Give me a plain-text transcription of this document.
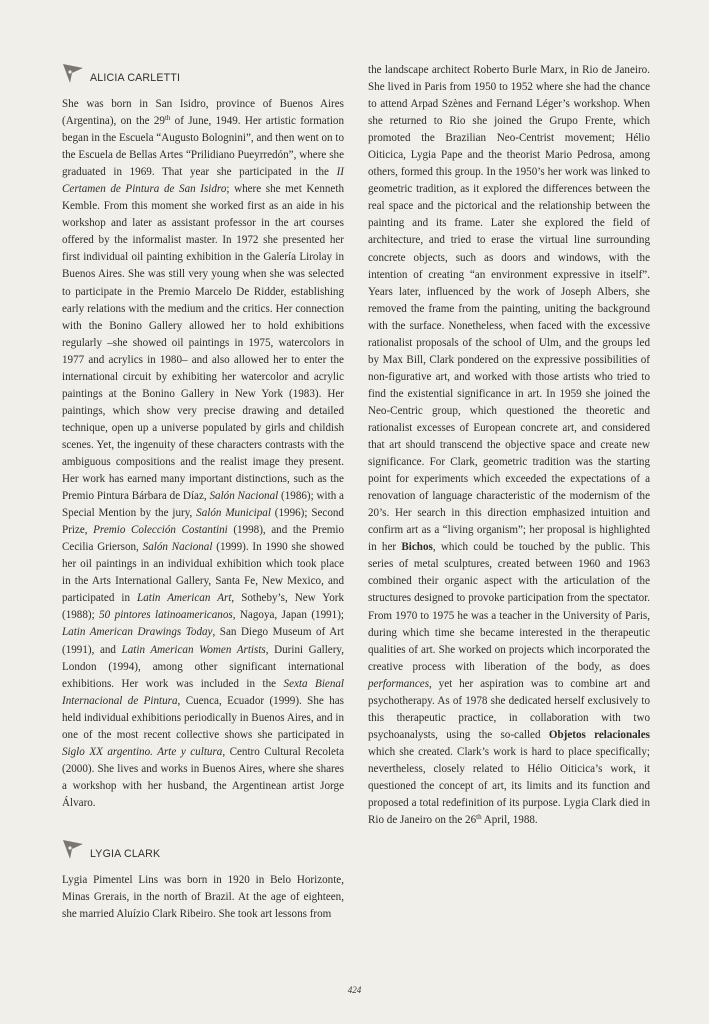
ALICIA CARLETTI

She was born in San Isidro, province of Buenos Aires (Argentina), on the 29th of June, 1949. Her artistic formation began in the Escuela “Augusto Bolognini”, and then went on to the Escuela de Bellas Artes “Prilidiano Pueyrredón”, where she graduated in 1969. That year she participated in the II Certamen de Pintura de San Isidro; where she met Kenneth Kemble. From this moment she worked first as an aide in his workshop and later as assistant professor in the art courses offered by the informalist master. In 1972 she presented her first individual oil painting exhibition in the Galería Lirolay in Buenos Aires. She was still very young when she was selected to participate in the Premio Marcelo De Ridder, establishing early relations with the medium and the critics. Her connection with the Bonino Gallery allowed her to hold exhibitions regularly –she showed oil paintings in 1975, watercolors in 1977 and acrylics in 1980– and also allowed her to enter the international circuit by exhibiting her watercolor and acrylic paintings at the Bonino Gallery in New York (1983). Her paintings, which show very precise drawing and detailed technique, open up a universe populated by girls and childish scenes. Yet, the ingenuity of these characters contrasts with the ambiguous compositions and the realist image they present. Her work has earned many important distinctions, such as the Premio Pintura Bárbara de Díaz, Salón Nacional (1986); with a Special Mention by the jury, Salón Municipal (1996); Second Prize, Premio Colección Costantini (1998), and the Premio Cecilia Grierson, Salón Nacional (1999). In 1990 she showed her oil paintings in an individual exhibition which took place in the Arts International Gallery, Santa Fe, New Mexico, and participated in Latin American Art, Sotheby’s, New York (1988); 50 pintores latinoamericanos, Nagoya, Japan (1991); Latin American Drawings Today, San Diego Museum of Art (1991), and Latin American Women Artists, Durini Gallery, London (1994), among other significant international exhibitions. Her work was included in the Sexta Bienal Internacional de Pintura, Cuenca, Ecuador (1999). She has held individual exhibitions periodically in Buenos Aires, and in one of the most recent collective shows she participated in Siglo XX argentino. Arte y cultura, Centro Cultural Recoleta (2000). She lives and works in Buenos Aires, where she shares a workshop with her husband, the Argentinean artist Jorge Álvaro.

LYGIA CLARK

Lygia Pimentel Lins was born in 1920 in Belo Horizonte, Minas Grerais, in the north of Brazil. At the age of eighteen, she married Aluízio Clark Ribeiro. She took art lessons from

the landscape architect Roberto Burle Marx, in Rio de Janeiro. She lived in Paris from 1950 to 1952 where she had the chance to attend Arpad Szènes and Fernand Léger’s workshop. When she returned to Rio she joined the Grupo Frente, which promoted the Brazilian Neo-Centrist movement; Hélio Oiticica, Lygia Pape and the theorist Mario Pedrosa, among others, formed this group. In the 1950’s her work was linked to geometric tradition, as it explored the differences between the real space and the pictorical and the relationship between the painting and its frame. Later she explored the field of architecture, and tried to erase the virtual line surrounding concrete objects, such as doors and windows, with the intention of creating “an environment expressive in itself”. Years later, influenced by the work of Joseph Albers, she removed the frame from the painting, uniting the background with the surface. Nonetheless, when faced with the excessive rationalist proposals of the school of Ulm, and the groups led by Max Bill, Clark pondered on the expressive possibilities of non-figurative art, and worked with those artists who tried to find the existential significance in art. In 1959 she joined the Neo-Centric group, which questioned the theoretic and rationalist excesses of European concrete art, and considered that art should transcend the objective space and create new significance. For Clark, geometric tradition was the starting point for experiments which exceeded the expectations of a renovation of language characteristic of the modernism of the 20’s. Her search in this direction emphasized intuition and confirm art as a “living organism”; her proposal is highlighted in her Bichos, which could be touched by the public. This series of metal sculptures, created between 1960 and 1963 combined their organic aspect with the articulation of the structures designed to provoke participation from the spectator. From 1970 to 1975 he was a teacher in the University of Paris, during which time she became interested in the therapeutic qualities of art. She worked on projects which incorporated the creative process with liberation of the body, as does performances, yet her aspiration was to combine art and psychotherapy. As of 1978 she dedicated herself exclusively to this therapeutic practice, in collaboration with two psychoanalysts, using the so-called Objetos relacionales which she created. Clark’s work is hard to place specifically; nevertheless, closely related to Hélio Oiticica’s work, it questioned the concept of art, its limits and its function and proposed a total redefinition of its purpose. Lygia Clark died in Rio de Janeiro on the 26th April, 1988.

424
